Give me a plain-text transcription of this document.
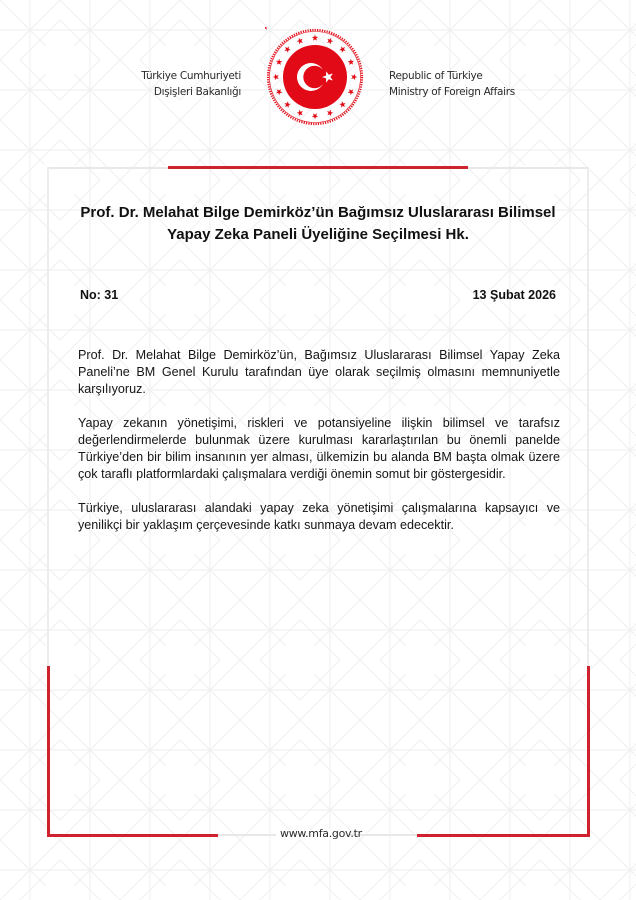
Türkiye Cumhuriyeti
Dışişleri Bakanlığı
Republic of Türkiye
Ministry of Foreign Affairs
Prof. Dr. Melahat Bilge Demirköz’ün Bağımsız Uluslararası Bilimsel
Yapay Zeka Paneli Üyeliğine Seçilmesi Hk.
No: 31	13 Şubat 2026

Prof. Dr. Melahat Bilge Demirköz’ün, Bağımsız Uluslararası Bilimsel Yapay Zeka Paneli’ne BM Genel Kurulu tarafından üye olarak seçilmiş olmasını memnuniyetle karşılıyoruz.

Yapay zekanın yönetişimi, riskleri ve potansiyeline ilişkin bilimsel ve tarafsız değerlendirmelerde bulunmak üzere kurulması kararlaştırılan bu önemli panelde Türkiye’den bir bilim insanının yer alması, ülkemizin bu alanda BM başta olmak üzere çok taraflı platformlardaki çalışmalara verdiği önemin somut bir göstergesidir.

Türkiye, uluslararası alandaki yapay zeka yönetişimi çalışmalarına kapsayıcı ve yenilikçi bir yaklaşım çerçevesinde katkı sunmaya devam edecektir.

www.mfa.gov.tr
